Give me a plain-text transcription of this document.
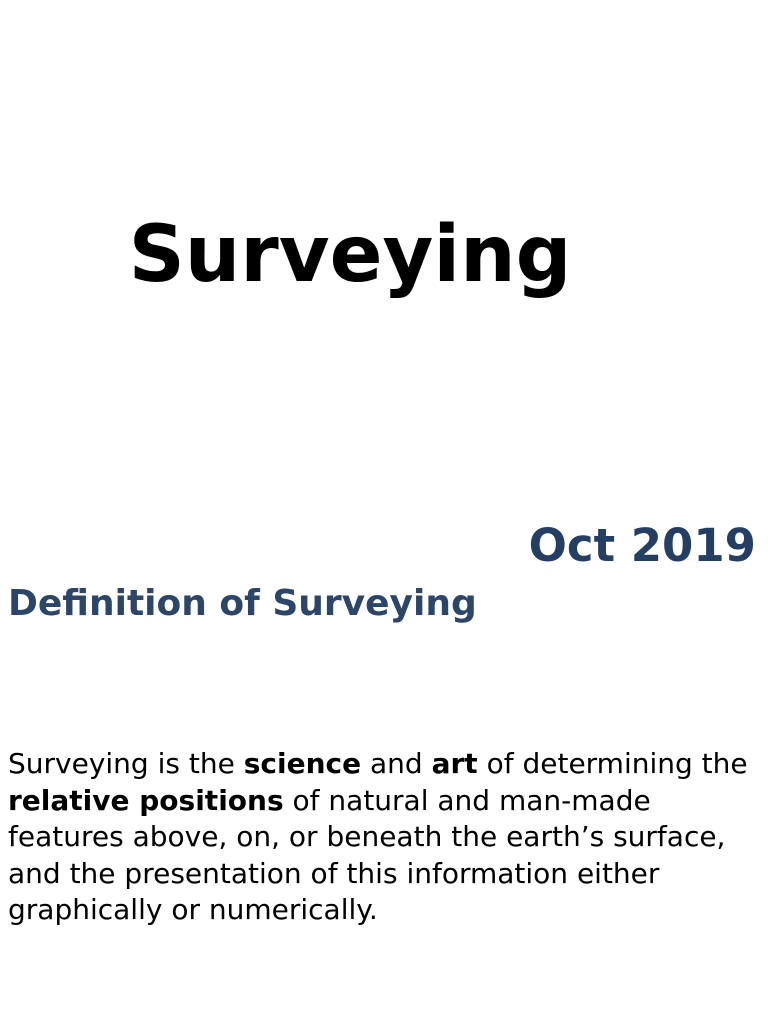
Surveying
Oct 2019
Definition of Surveying

Surveying is the science and art of determining the relative positions of natural and man-made features above, on, or beneath the earth’s surface, and the presentation of this information either graphically or numerically.
